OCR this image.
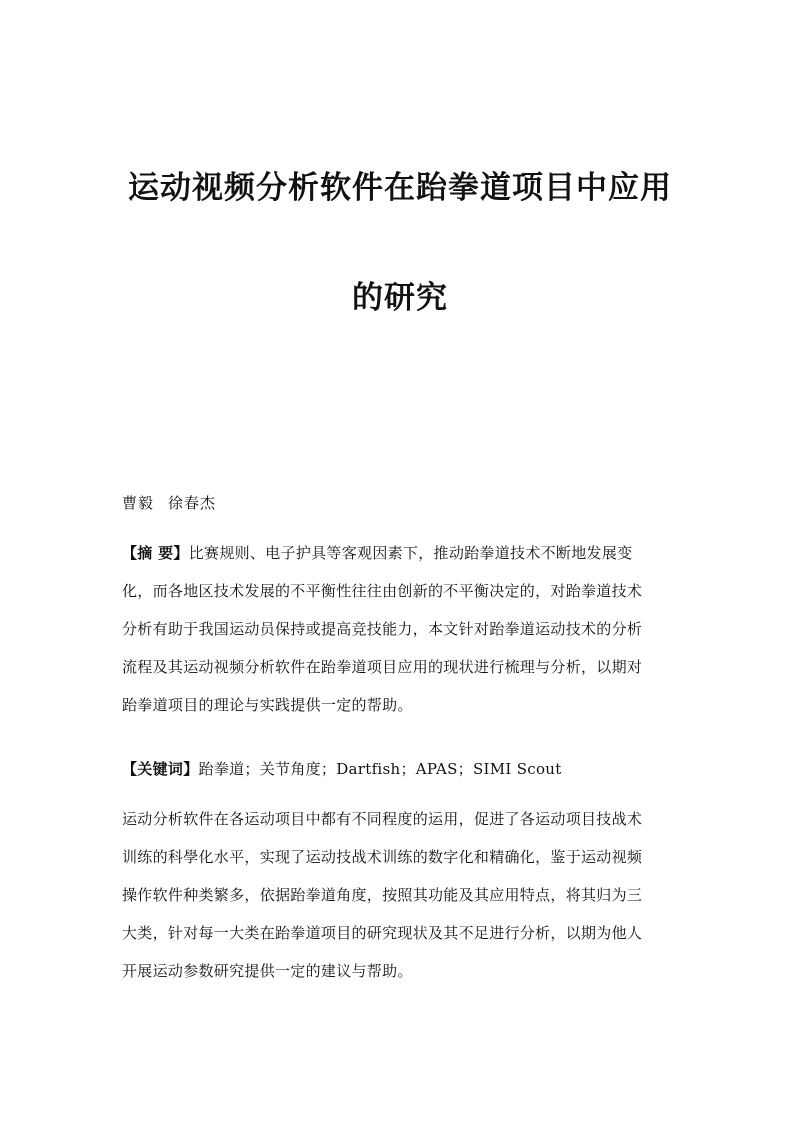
运动视频分析软件在跆拳道项目中应用
的研究
曹毅 徐春杰

【摘 要】比赛规则、电子护具等客观因素下，推动跆拳道技术不断地发展变
化，而各地区技术发展的不平衡性往往由创新的不平衡决定的，对跆拳道技术
分析有助于我国运动员保持或提高竞技能力，本文针对跆拳道运动技术的分析
流程及其运动视频分析软件在跆拳道项目应用的现状进行梳理与分析，以期对
跆拳道项目的理论与实践提供一定的帮助。

【关键词】跆拳道；关节角度；Dartfish；APAS；SIMI Scout

运动分析软件在各运动项目中都有不同程度的运用，促进了各运动项目技战术
训练的科學化水平，实现了运动技战术训练的数字化和精确化，鉴于运动视频
操作软件种类繁多，依据跆拳道角度，按照其功能及其应用特点，将其归为三
大类，针对每一大类在跆拳道项目的研究现状及其不足进行分析，以期为他人
开展运动参数研究提供一定的建议与帮助。
